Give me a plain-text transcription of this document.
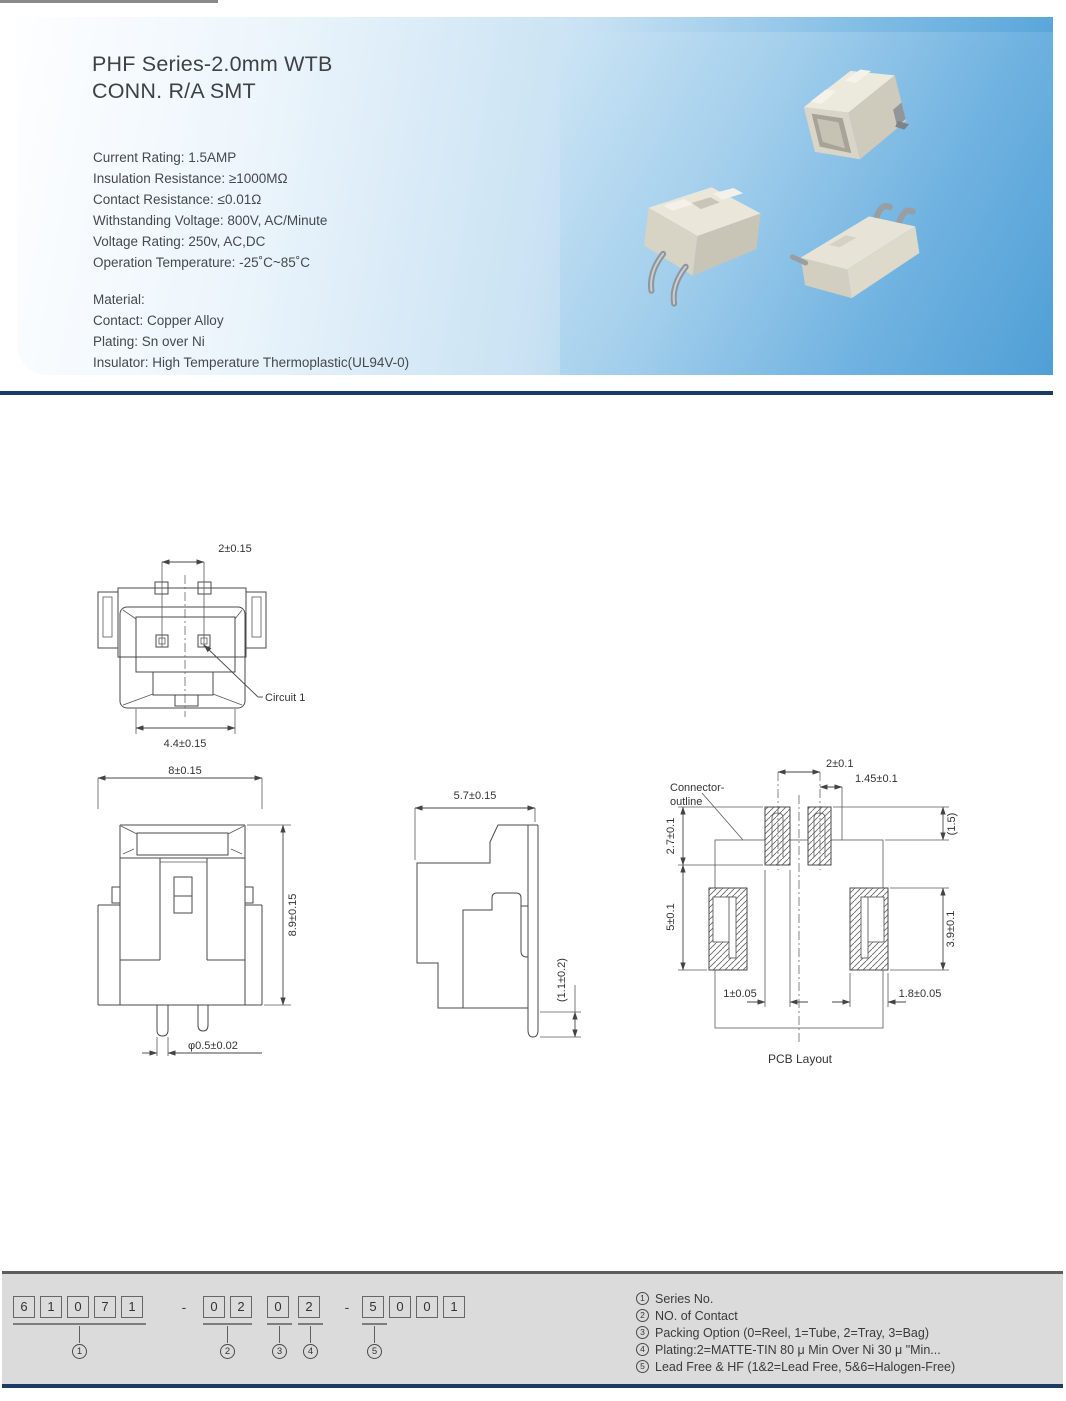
PHF Series-2.0mm WTB
CONN. R/A SMT
Current Rating: 1.5AMP
Insulation Resistance: ≥1000MΩ
Contact Resistance: ≤0.01Ω
Withstanding Voltage: 800V, AC/Minute
Voltage Rating: 250v, AC,DC
Operation Temperature: -25˚C~85˚C
Material:
Contact: Copper Alloy
Plating: Sn over Ni
Insulator: High Temperature Thermoplastic(UL94V-0)
2±0.15
4.4±0.15
Circuit 1
8±0.15
8.9±0.15
φ0.5±0.02
5.7±0.15
(1.1±0.2)
Connector-
outline
2±0.1
1.45±0.1
(1.5)
2.7±0.1
5±0.1	3.9±0.1
1±0.05	1.8±0.05
PCB Layout
6	1	0	7	1	-	0	2	0	2	-	5	0	0	1
1	2	3	4	5
1 Series No.
2 NO. of Contact
3 Packing Option (0=Reel, 1=Tube, 2=Tray, 3=Bag)
4 Plating:2=MATTE-TIN 80 μ Min Over Ni 30 μ "Min...
5 Lead Free & HF (1&2=Lead Free, 5&6=Halogen-Free)
